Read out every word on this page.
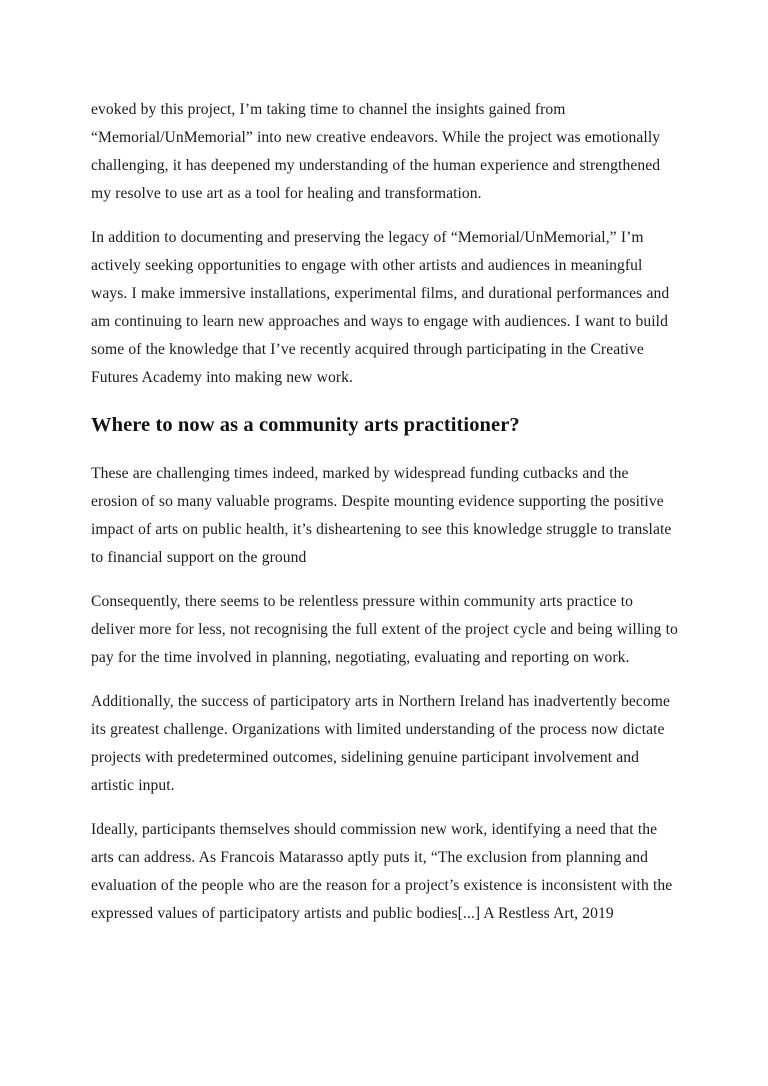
evoked by this project, I’m taking time to channel the insights gained from “Memorial/UnMemorial” into new creative endeavors. While the project was emotionally challenging, it has deepened my understanding of the human experience and strengthened my resolve to use art as a tool for healing and transformation.

In addition to documenting and preserving the legacy of “Memorial/UnMemorial,” I’m actively seeking opportunities to engage with other artists and audiences in meaningful ways. I make immersive installations, experimental films, and durational performances and am continuing to learn new approaches and ways to engage with audiences. I want to build some of the knowledge that I’ve recently acquired through participating in the Creative Futures Academy into making new work.

Where to now as a community arts practitioner?

These are challenging times indeed, marked by widespread funding cutbacks and the erosion of so many valuable programs. Despite mounting evidence supporting the positive impact of arts on public health, it’s disheartening to see this knowledge struggle to translate to financial support on the ground

Consequently, there seems to be relentless pressure within community arts practice to deliver more for less, not recognising the full extent of the project cycle and being willing to pay for the time involved in planning, negotiating, evaluating and reporting on work.

Additionally, the success of participatory arts in Northern Ireland has inadvertently become its greatest challenge. Organizations with limited understanding of the process now dictate projects with predetermined outcomes, sidelining genuine participant involvement and artistic input.

Ideally, participants themselves should commission new work, identifying a need that the arts can address. As Francois Matarasso aptly puts it, “The exclusion from planning and evaluation of the people who are the reason for a project’s existence is inconsistent with the expressed values of participatory artists and public bodies[...] A Restless Art, 2019
